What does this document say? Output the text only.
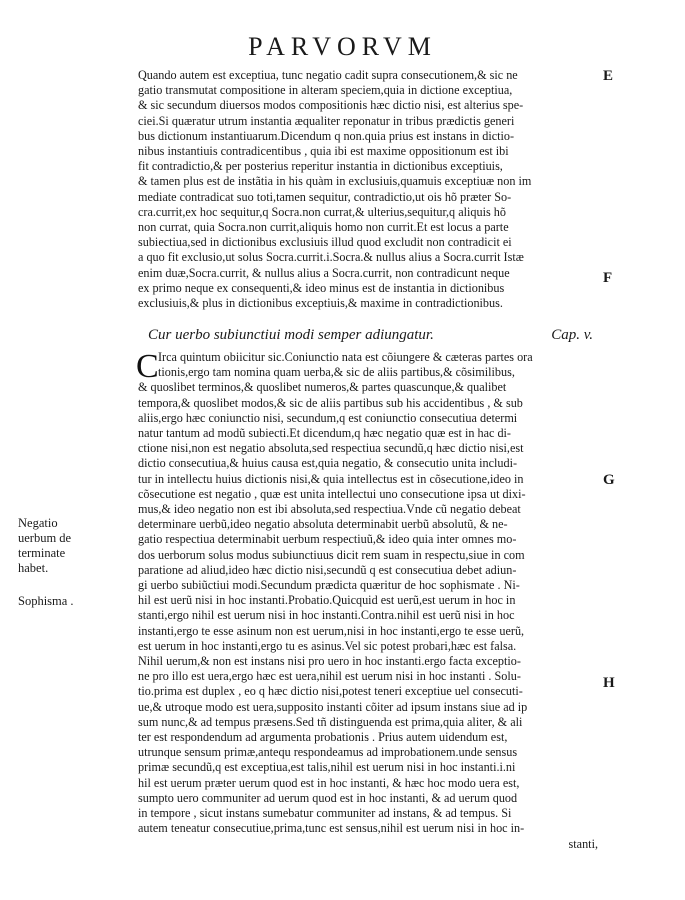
PARVORVM
Quando autem est exceptiua, tunc negatio cadit supra consecutionem,& sic ne
gatio transmutat compositione in alteram speciem,quia in dictione exceptiua,
& sic secundum diuersos modos compositionis hæc dictio nisi, est alterius spe-
ciei.Si quæratur utrum instantia æqualiter reponatur in tribus prædictis generi
bus dictionum instantiuarum.Dicendum q non.quia prius est instans in dictio-
nibus instantiuis contradicentibus , quia ibi est maxime oppositionum est ibi
fit contradictio,& per posterius reperitur instantia in dictionibus exceptiuis,
& tamen plus est de instãtia in his quàm in exclusiuis,quamuis exceptiuæ non im
mediate contradicat suo toti,tamen sequitur, contradictio,ut ois hõ præter So-
cra.currit,ex hoc sequitur,q Socra.non currat,& ulterius,sequitur,q aliquis hõ
non currat, quia Socra.non currit,aliquis homo non currit.Et est locus a parte
subiectiua,sed in dictionibus exclusiuis illud quod excludit non contradicit ei
a quo fit exclusio,ut solus Socra.currit.i.Socra.& nullus alius a Socra.currit Istæ
enim duæ,Socra.currit, & nullus alius a Socra.currit, non contradicunt neque
ex primo neque ex consequenti,& ideo minus est de instantia in dictionibus
exclusiuis,& plus in dictionibus exceptiuis,& maxime in contradictionibus.
Cur uerbo subiunctiui modi semper adiungatur.	Cap. v.
C Irca quintum obiicitur sic.Coniunctio nata est cõiungere & cæteras partes ora
tionis,ergo tam nomina quam uerba,& sic de aliis partibus,& cõsimilibus,
& quoslibet terminos,& quoslibet numeros,& partes quascunque,& qualibet
tempora,& quoslibet modos,& sic de aliis partibus sub his accidentibus , & sub
aliis,ergo hæc coniunctio nisi, secundum,q est coniunctio consecutiua determi
natur tantum ad modũ subiecti.Et dicendum,q hæc negatio quæ est in hac di-
ctione nisi,non est negatio absoluta,sed respectiua secundũ,q hæc dictio nisi,est
dictio consecutiua,& huius causa est,quia negatio, & consecutio unita includi-
tur in intellectu huius dictionis nisi,& quia intellectus est in cõsecutione,ideo in
cõsecutione est negatio , quæ est unita intellectui uno consecutione ipsa ut dixi-
mus,& ideo negatio non est ibi absoluta,sed respectiua.Vnde cũ negatio debeat
determinare uerbũ,ideo negatio absoluta determinabit uerbũ absolutũ, & ne-
gatio respectiua determinabit uerbum respectiuũ,& ideo quia inter omnes mo-
dos uerborum solus modus subiunctiuus dicit rem suam in respectu,siue in com
paratione ad aliud,ideo hæc dictio nisi,secundũ q est consecutiua debet adiun-
gi uerbo subiũctiui modi.Secundum prædicta quæritur de hoc sophismate . Ni-
hil est uerũ nisi in hoc instanti.Probatio.Quicquid est uerũ,est uerum in hoc in
stanti,ergo nihil est uerum nisi in hoc instanti.Contra.nihil est uerũ nisi in hoc
instanti,ergo te esse asinum non est uerum,nisi in hoc instanti,ergo te esse uerũ,
est uerum in hoc instanti,ergo tu es asinus.Vel sic potest probari,hæc est falsa.
Nihil uerum,& non est instans nisi pro uero in hoc instanti.ergo facta exceptio-
ne pro illo est uera,ergo hæc est uera,nihil est uerum nisi in hoc instanti . Solu-
tio.prima est duplex , eo q hæc dictio nisi,potest teneri exceptiue uel consecuti-
ue,& utroque modo est uera,supposito instanti cõiter ad ipsum instans siue ad ip
sum nunc,& ad tempus præsens.Sed tñ distinguenda est prima,quia aliter, & ali
ter est respondendum ad argumenta probationis . Prius autem uidendum est,
utrunque sensum primæ,antequ respondeamus ad improbationem.unde sensus
primæ secundũ,q est exceptiua,est talis,nihil est uerum nisi in hoc instanti.i.ni
hil est uerum præter uerum quod est in hoc instanti, & hæc hoc modo uera est,
sumpto uero communiter ad uerum quod est in hoc instanti, & ad uerum quod
in tempore , sicut instans sumebatur communiter ad instans, & ad tempus. Si
autem teneatur consecutiue,prima,tunc est sensus,nihil est uerum nisi in hoc in-
stanti,
E
F
G
H
Negatio
uerbum de
terminate
habet.
Sophisma .
